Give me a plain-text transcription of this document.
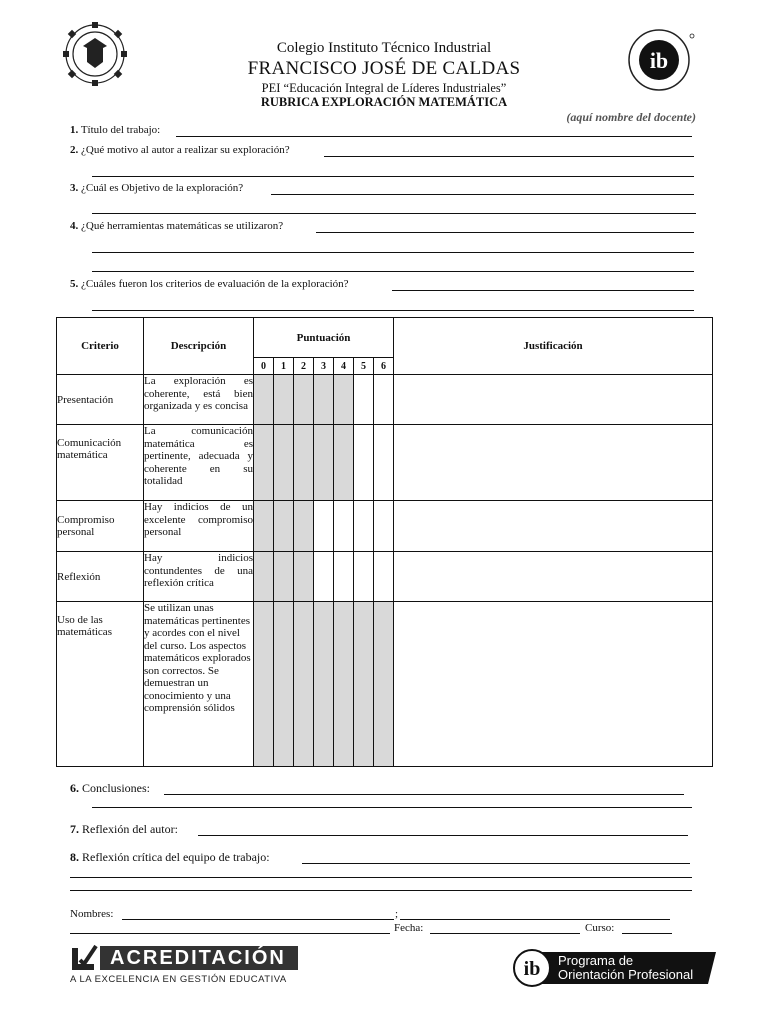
ib
Colegio Instituto Técnico Industrial
FRANCISCO JOSÉ DE CALDAS
PEI “Educación Integral de Líderes Industriales”
RUBRICA EXPLORACIÓN MATEMÁTICA
(aquí nombre del docente)
1. Título del trabajo:
2. ¿Qué motivo al autor a realizar su exploración?
3. ¿Cuál es Objetivo de la exploración?
4. ¿Qué herramientas matemáticas se utilizaron?
5. ¿Cuáles fueron los criterios de evaluación de la exploración?
Criterio	Descripción	Puntuación							Justificación
		0	1	2	3	4	5	6	
Presentación	La exploración es coherente, está bien organizada y es concisa								
Comunicación matemática	La comunicación matemática es pertinente, adecuada y coherente en su totalidad								
Compromiso personal	Hay indicios de un excelente compromiso personal								
Reflexión	Hay indicios contundentes de una reflexión crítica								
Uso de las matemáticas	Se utilizan unas matemáticas pertinentes y acordes con el nivel del curso. Los aspectos matemáticos explorados son correctos. Se demuestran un conocimiento y una comprensión sólidos								
6. Conclusiones:
7. Reflexión del autor:
8. Reflexión crítica del equipo de trabajo:
Nombres:	;
Fecha:	Curso:
ACREDITACIÓN
A LA EXCELENCIA EN GESTIÓN EDUCATIVA	ib Programa de
Orientación Profesional
